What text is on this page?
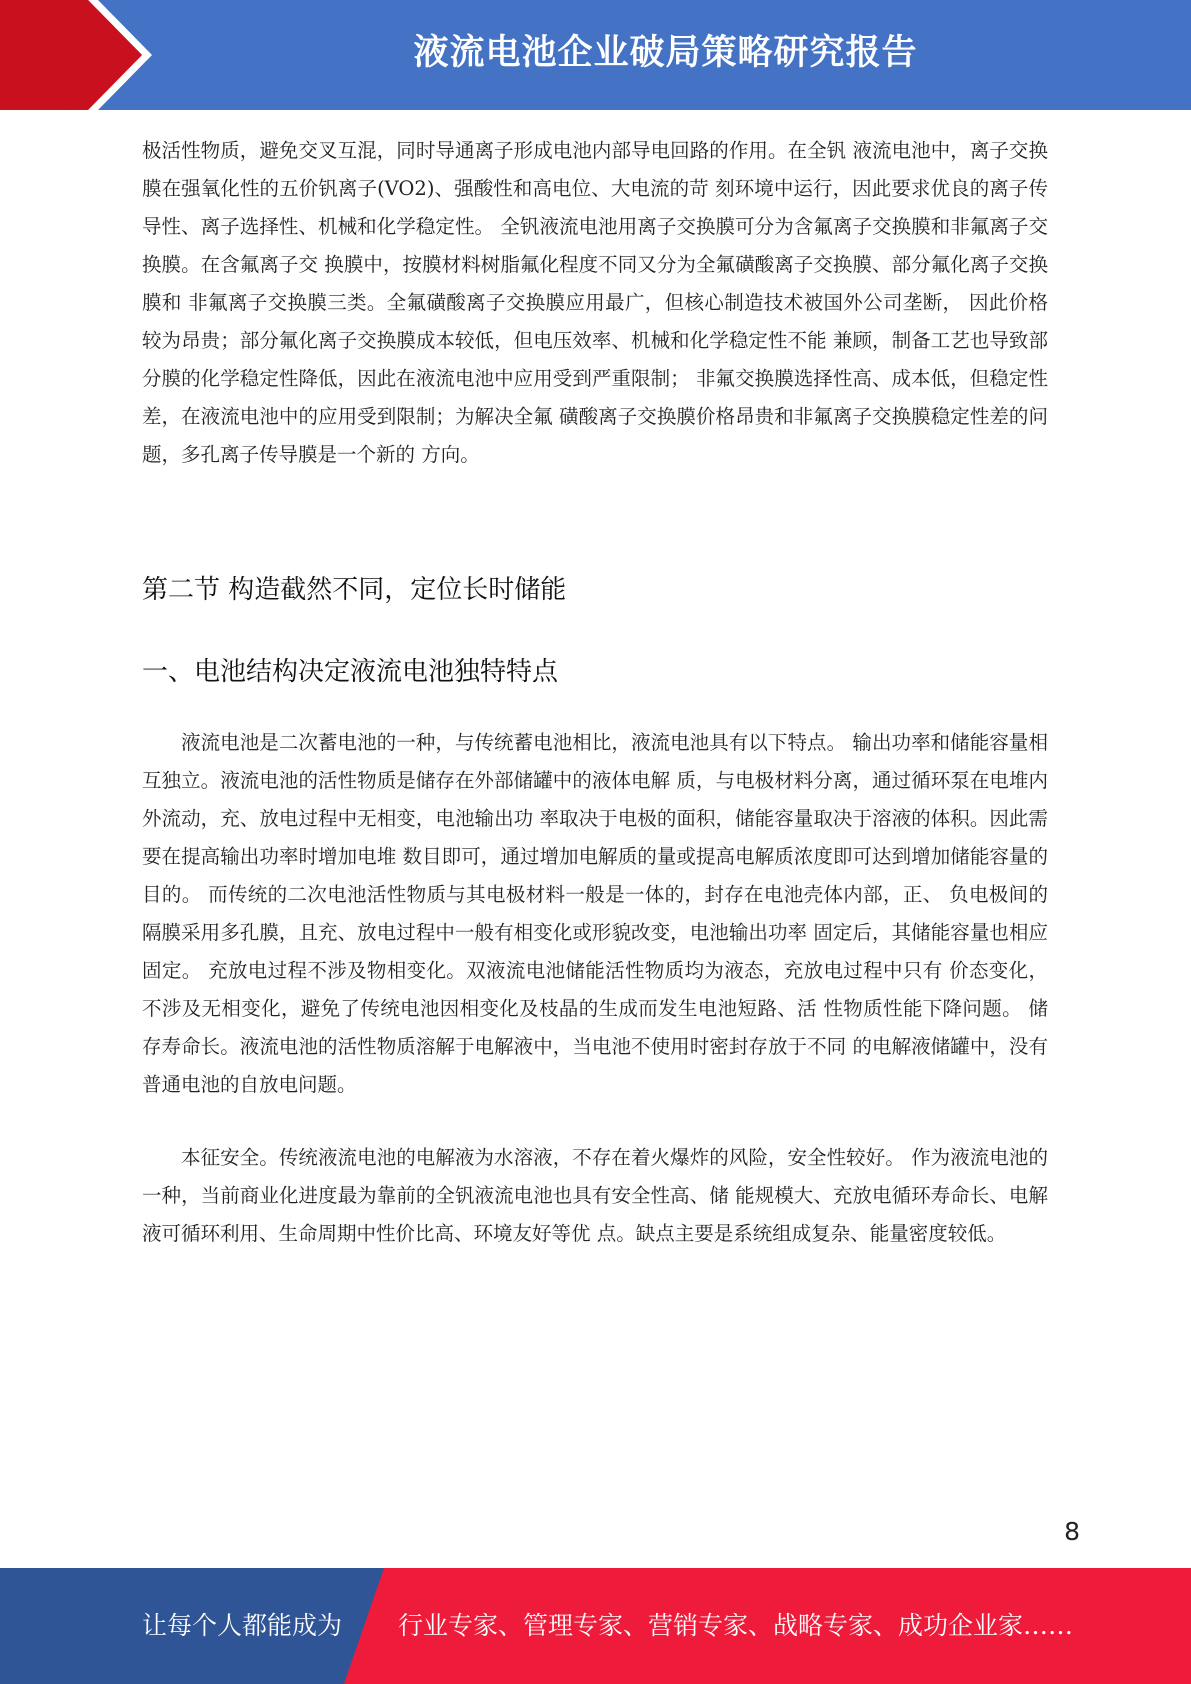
液流电池企业破局策略研究报告

极活性物质，避免交叉互混，同时导通离子形成电池内部导电回路的作用。在全钒 液流电池中，离子交换膜在强氧化性的五价钒离子(VO2)、强酸性和高电位、大电流的苛 刻环境中运行，因此要求优良的离子传导性、离子选择性、机械和化学稳定性。 全钒液流电池用离子交换膜可分为含氟离子交换膜和非氟离子交换膜。在含氟离子交 换膜中，按膜材料树脂氟化程度不同又分为全氟磺酸离子交换膜、部分氟化离子交换膜和 非氟离子交换膜三类。全氟磺酸离子交换膜应用最广，但核心制造技术被国外公司垄断， 因此价格较为昂贵；部分氟化离子交换膜成本较低，但电压效率、机械和化学稳定性不能 兼顾，制备工艺也导致部分膜的化学稳定性降低，因此在液流电池中应用受到严重限制； 非氟交换膜选择性高、成本低，但稳定性差，在液流电池中的应用受到限制；为解决全氟 磺酸离子交换膜价格昂贵和非氟离子交换膜稳定性差的问题，多孔离子传导膜是一个新的 方向。

第二节 构造截然不同，定位长时储能
一、电池结构决定液流电池独特特点

液流电池是二次蓄电池的一种，与传统蓄电池相比，液流电池具有以下特点。 输出功率和储能容量相互独立。液流电池的活性物质是储存在外部储罐中的液体电解 质，与电极材料分离，通过循环泵在电堆内外流动，充、放电过程中无相变，电池输出功 率取决于电极的面积，储能容量取决于溶液的体积。因此需要在提高输出功率时增加电堆 数目即可，通过增加电解质的量或提高电解质浓度即可达到增加储能容量的目的。 而传统的二次电池活性物质与其电极材料一般是一体的，封存在电池壳体内部，正、 负电极间的隔膜采用多孔膜，且充、放电过程中一般有相变化或形貌改变，电池输出功率 固定后，其储能容量也相应固定。 充放电过程不涉及物相变化。双液流电池储能活性物质均为液态，充放电过程中只有 价态变化，不涉及无相变化，避免了传统电池因相变化及枝晶的生成而发生电池短路、活 性物质性能下降问题。 储存寿命长。液流电池的活性物质溶解于电解液中，当电池不使用时密封存放于不同 的电解液储罐中，没有普通电池的自放电问题。

本征安全。传统液流电池的电解液为水溶液，不存在着火爆炸的风险，安全性较好。 作为液流电池的一种，当前商业化进度最为靠前的全钒液流电池也具有安全性高、储 能规模大、充放电循环寿命长、电解液可循环利用、生命周期中性价比高、环境友好等优 点。缺点主要是系统组成复杂、能量密度较低。

8
让每个人都能成为 行业专家、管理专家、营销专家、战略专家、成功企业家……
